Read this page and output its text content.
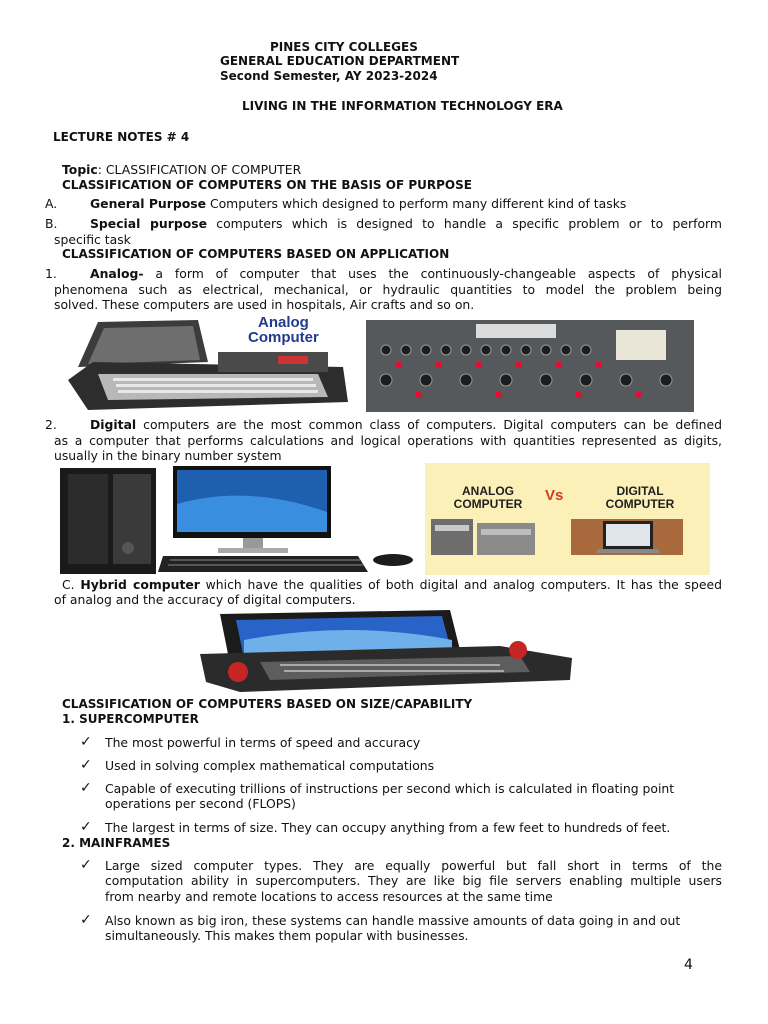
PINES CITY COLLEGES
GENERAL EDUCATION DEPARTMENT
Second Semester, AY 2023-2024
LIVING IN THE INFORMATION TECHNOLOGY ERA
LECTURE NOTES # 4
Topic: CLASSIFICATION OF COMPUTER
CLASSIFICATION OF COMPUTERS ON THE BASIS OF PURPOSE
A.	General Purpose Computers which designed to perform many different kind of tasks
B.	Special purpose computers which is designed to handle a specific problem or to perform
specific task
CLASSIFICATION OF COMPUTERS BASED ON APPLICATION
1.	Analog- a form of computer that uses the continuously-changeable aspects of physical
phenomena such as electrical, mechanical, or hydraulic quantities to model the problem being
solved. These computers are used in hospitals, Air crafts and so on.
Analog
Computer
2.	Digital computers are the most common class of computers. Digital computers can be defined
as a computer that performs calculations and logical operations with quantities represented as digits,
usually in the binary number system
ANALOG
COMPUTER	Vs	DIGITAL
COMPUTER
C. Hybrid computer which have the qualities of both digital and analog computers. It has the speed
of analog and the accuracy of digital computers.
CLASSIFICATION OF COMPUTERS BASED ON SIZE/CAPABILITY
1. SUPERCOMPUTER
✓ The most powerful in terms of speed and accuracy
✓ Used in solving complex mathematical computations
✓ Capable of executing trillions of instructions per second which is calculated in floating point
operations per second (FLOPS)
✓ The largest in terms of size. They can occupy anything from a few feet to hundreds of feet.
2. MAINFRAMES
✓ Large sized computer types. They are equally powerful but fall short in terms of the
computation ability in supercomputers. They are like big file servers enabling multiple users
from nearby and remote locations to access resources at the same time
✓ Also known as big iron, these systems can handle massive amounts of data going in and out
simultaneously. This makes them popular with businesses.
4
